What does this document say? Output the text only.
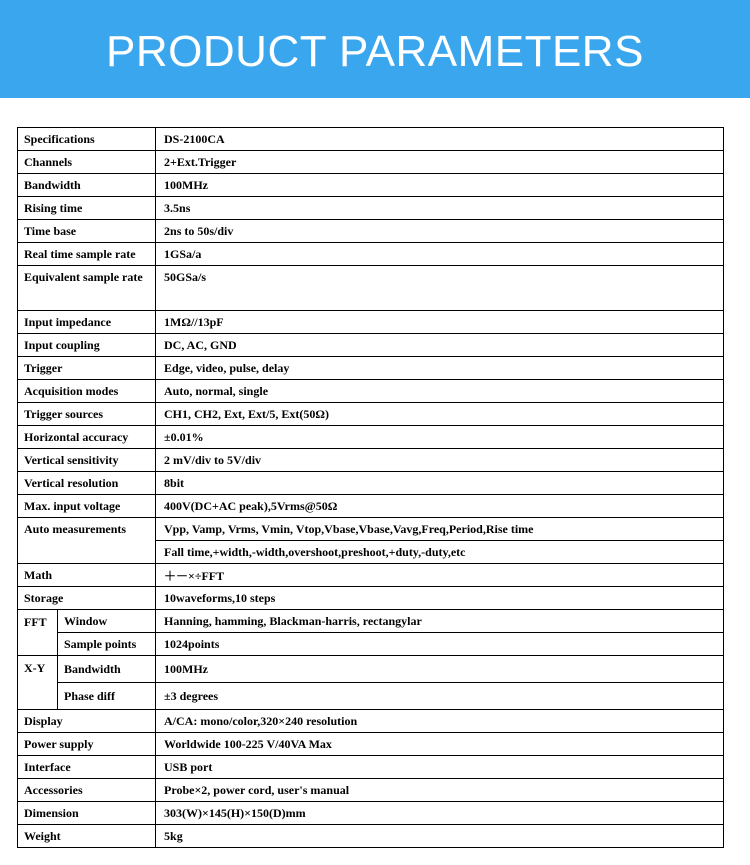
PRODUCT PARAMETERS
Specifications		DS-2100CA
Channels		2+Ext.Trigger
Bandwidth		100MHz
Rising time		3.5ns
Time base		2ns to 50s/div
Real time sample rate		1GSa/a
Equivalent sample rate		50GSa/s
Input impedance		1MΩ//13pF
Input coupling		DC, AC, GND
Trigger		Edge, video, pulse, delay
Acquisition modes		Auto, normal, single
Trigger sources		CH1, CH2, Ext, Ext/5, Ext(50Ω)
Horizontal accuracy		±0.01%
Vertical sensitivity		2 mV/div to 5V/div
Vertical resolution		8bit
Max. input voltage		400V(DC+AC peak),5Vrms@50Ω
Auto measurements		Vpp, Vamp, Vrms, Vmin, Vtop,Vbase,Vbase,Vavg,Freq,Period,Rise time
		Fall time,+width,-width,overshoot,preshoot,+duty,-duty,etc
Math		＋－×÷FFT
Storage		10waveforms,10 steps
FFT	Window	Hanning, hamming, Blackman-harris, rectangylar
	Sample points	1024points
X-Y	Bandwidth	100MHz
	Phase diff	±3 degrees
Display		A/CA: mono/color,320×240 resolution
Power supply		Worldwide 100-225 V/40VA Max
Interface		USB port
Accessories		Probe×2, power cord, user's manual
Dimension		303(W)×145(H)×150(D)mm
Weight		5kg
